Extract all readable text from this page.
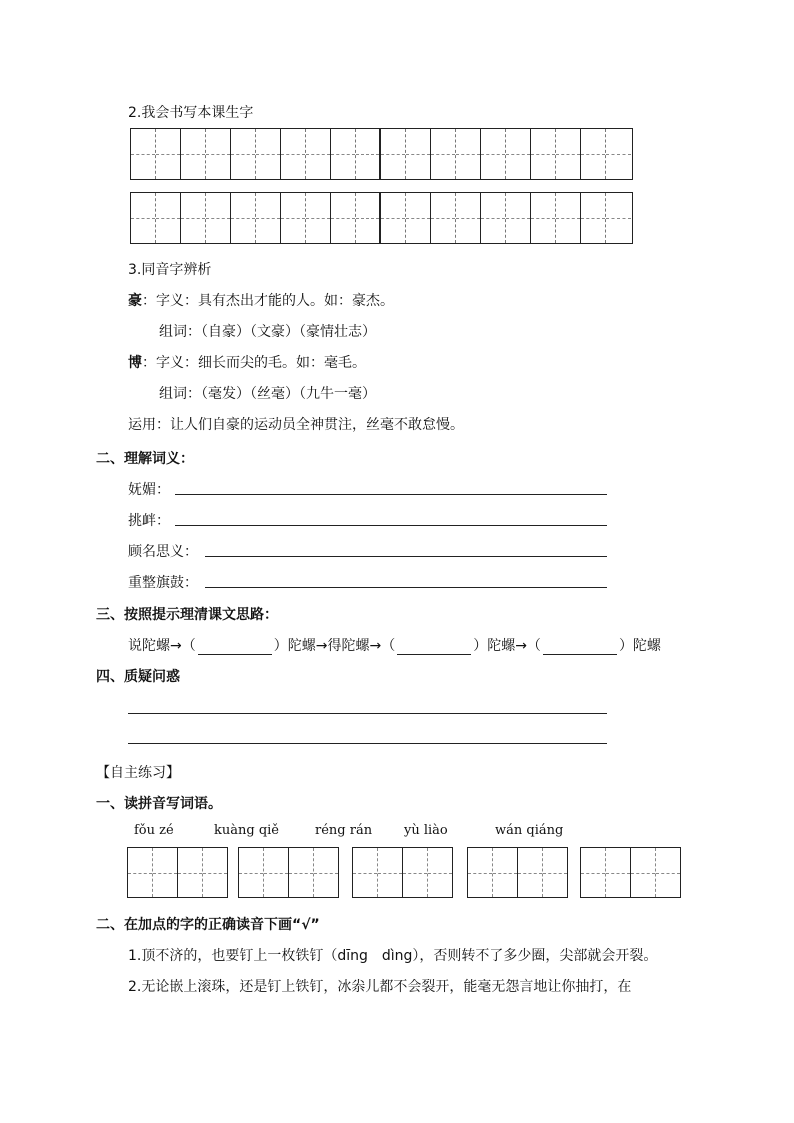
2.我会书写本课生字
3.同音字辨析
豪：字义：具有杰出才能的人。如：豪杰。
组词：（自豪）（文豪）（豪情壮志）
博：字义：细长而尖的毛。如：毫毛。
组词：（毫发）（丝毫）（九牛一毫）
运用：让人们自豪的运动员全神贯注，丝毫不敢怠慢。
二、理解词义：
妩媚：
挑衅：
顾名思义：
重整旗鼓：
三、按照提示理清课文思路：
说陀螺→（	）陀螺→得陀螺→（	）陀螺→（	）陀螺
四、质疑问惑
【自主练习】
一、读拼音写词语。
fǒu zé	kuàng qiě	réng rán yù liào	wán qiáng
二、在加点的字的正确读音下画“√”
1.顶不济的，也要钉上一枚铁钉（dīng　dìng），否则转不了多少圈，尖部就会开裂。
2.无论嵌上滚珠，还是钉上铁钉，冰尜儿都不会裂开，能毫无怨言地让你抽打，在
